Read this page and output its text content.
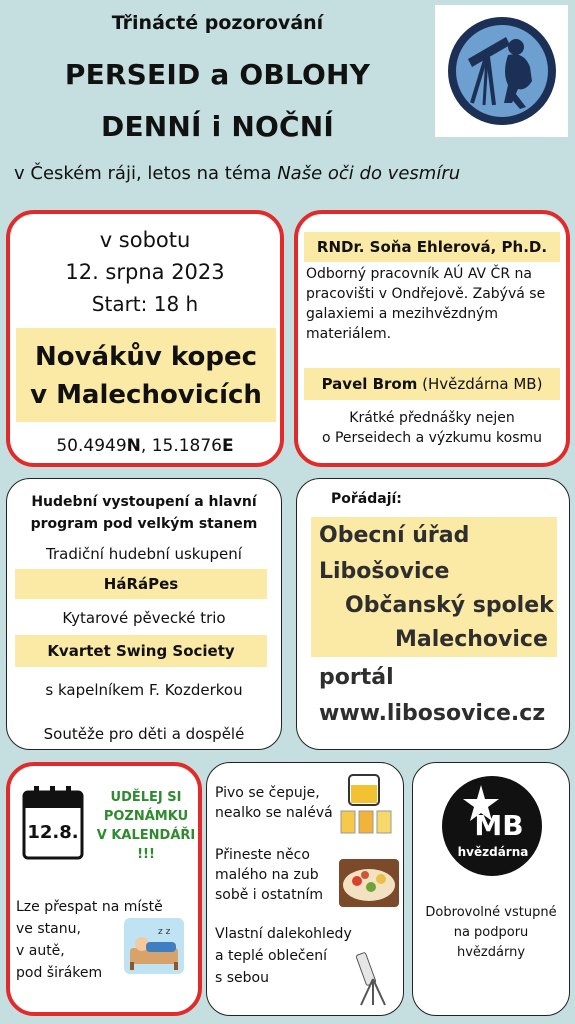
Třinácté pozorování
PERSEID a OBLOHY
DENNÍ i NOČNÍ
v Českém ráji, letos na téma Naše oči do vesmíru
v sobotu
12. srpna 2023
Start: 18 h
Novákův kopec
v Malechovicích
50.4949N, 15.1876E
RNDr. Soňa Ehlerová, Ph.D.
Odborný pracovník AÚ AV ČR na
pracovišti v Ondřejově. Zabývá se
galaxiemi a mezihvězdným
materiálem.
Pavel Brom (Hvězdárna MB)
Krátké přednášky nejen
o Perseidech a výzkumu kosmu
Hudební vystoupení a hlavní
program pod velkým stanem
Tradiční hudební uskupení
HáRáPes
Kytarové pěvecké trio
Kvartet Swing Society
s kapelníkem F. Kozderkou
Soutěže pro děti a dospělé
Pořádají:
Obecní úřad
Libošovice
Občanský spolek
Malechovice
portál
www.libosovice.cz
12.8.
UDĚLEJ SI
POZNÁMKU
V KALENDÁŘI
!!!
Lze přespat na místě
ve stanu,
v autě,
pod širákem
z z
Pivo se čepuje,
nealko se nalévá
Přineste něco
malého na zub
sobě i ostatním
Vlastní dalekohledy
a teplé oblečení
s sebou
MB
hvězdárna
Dobrovolné vstupné
na podporu
hvězdárny
